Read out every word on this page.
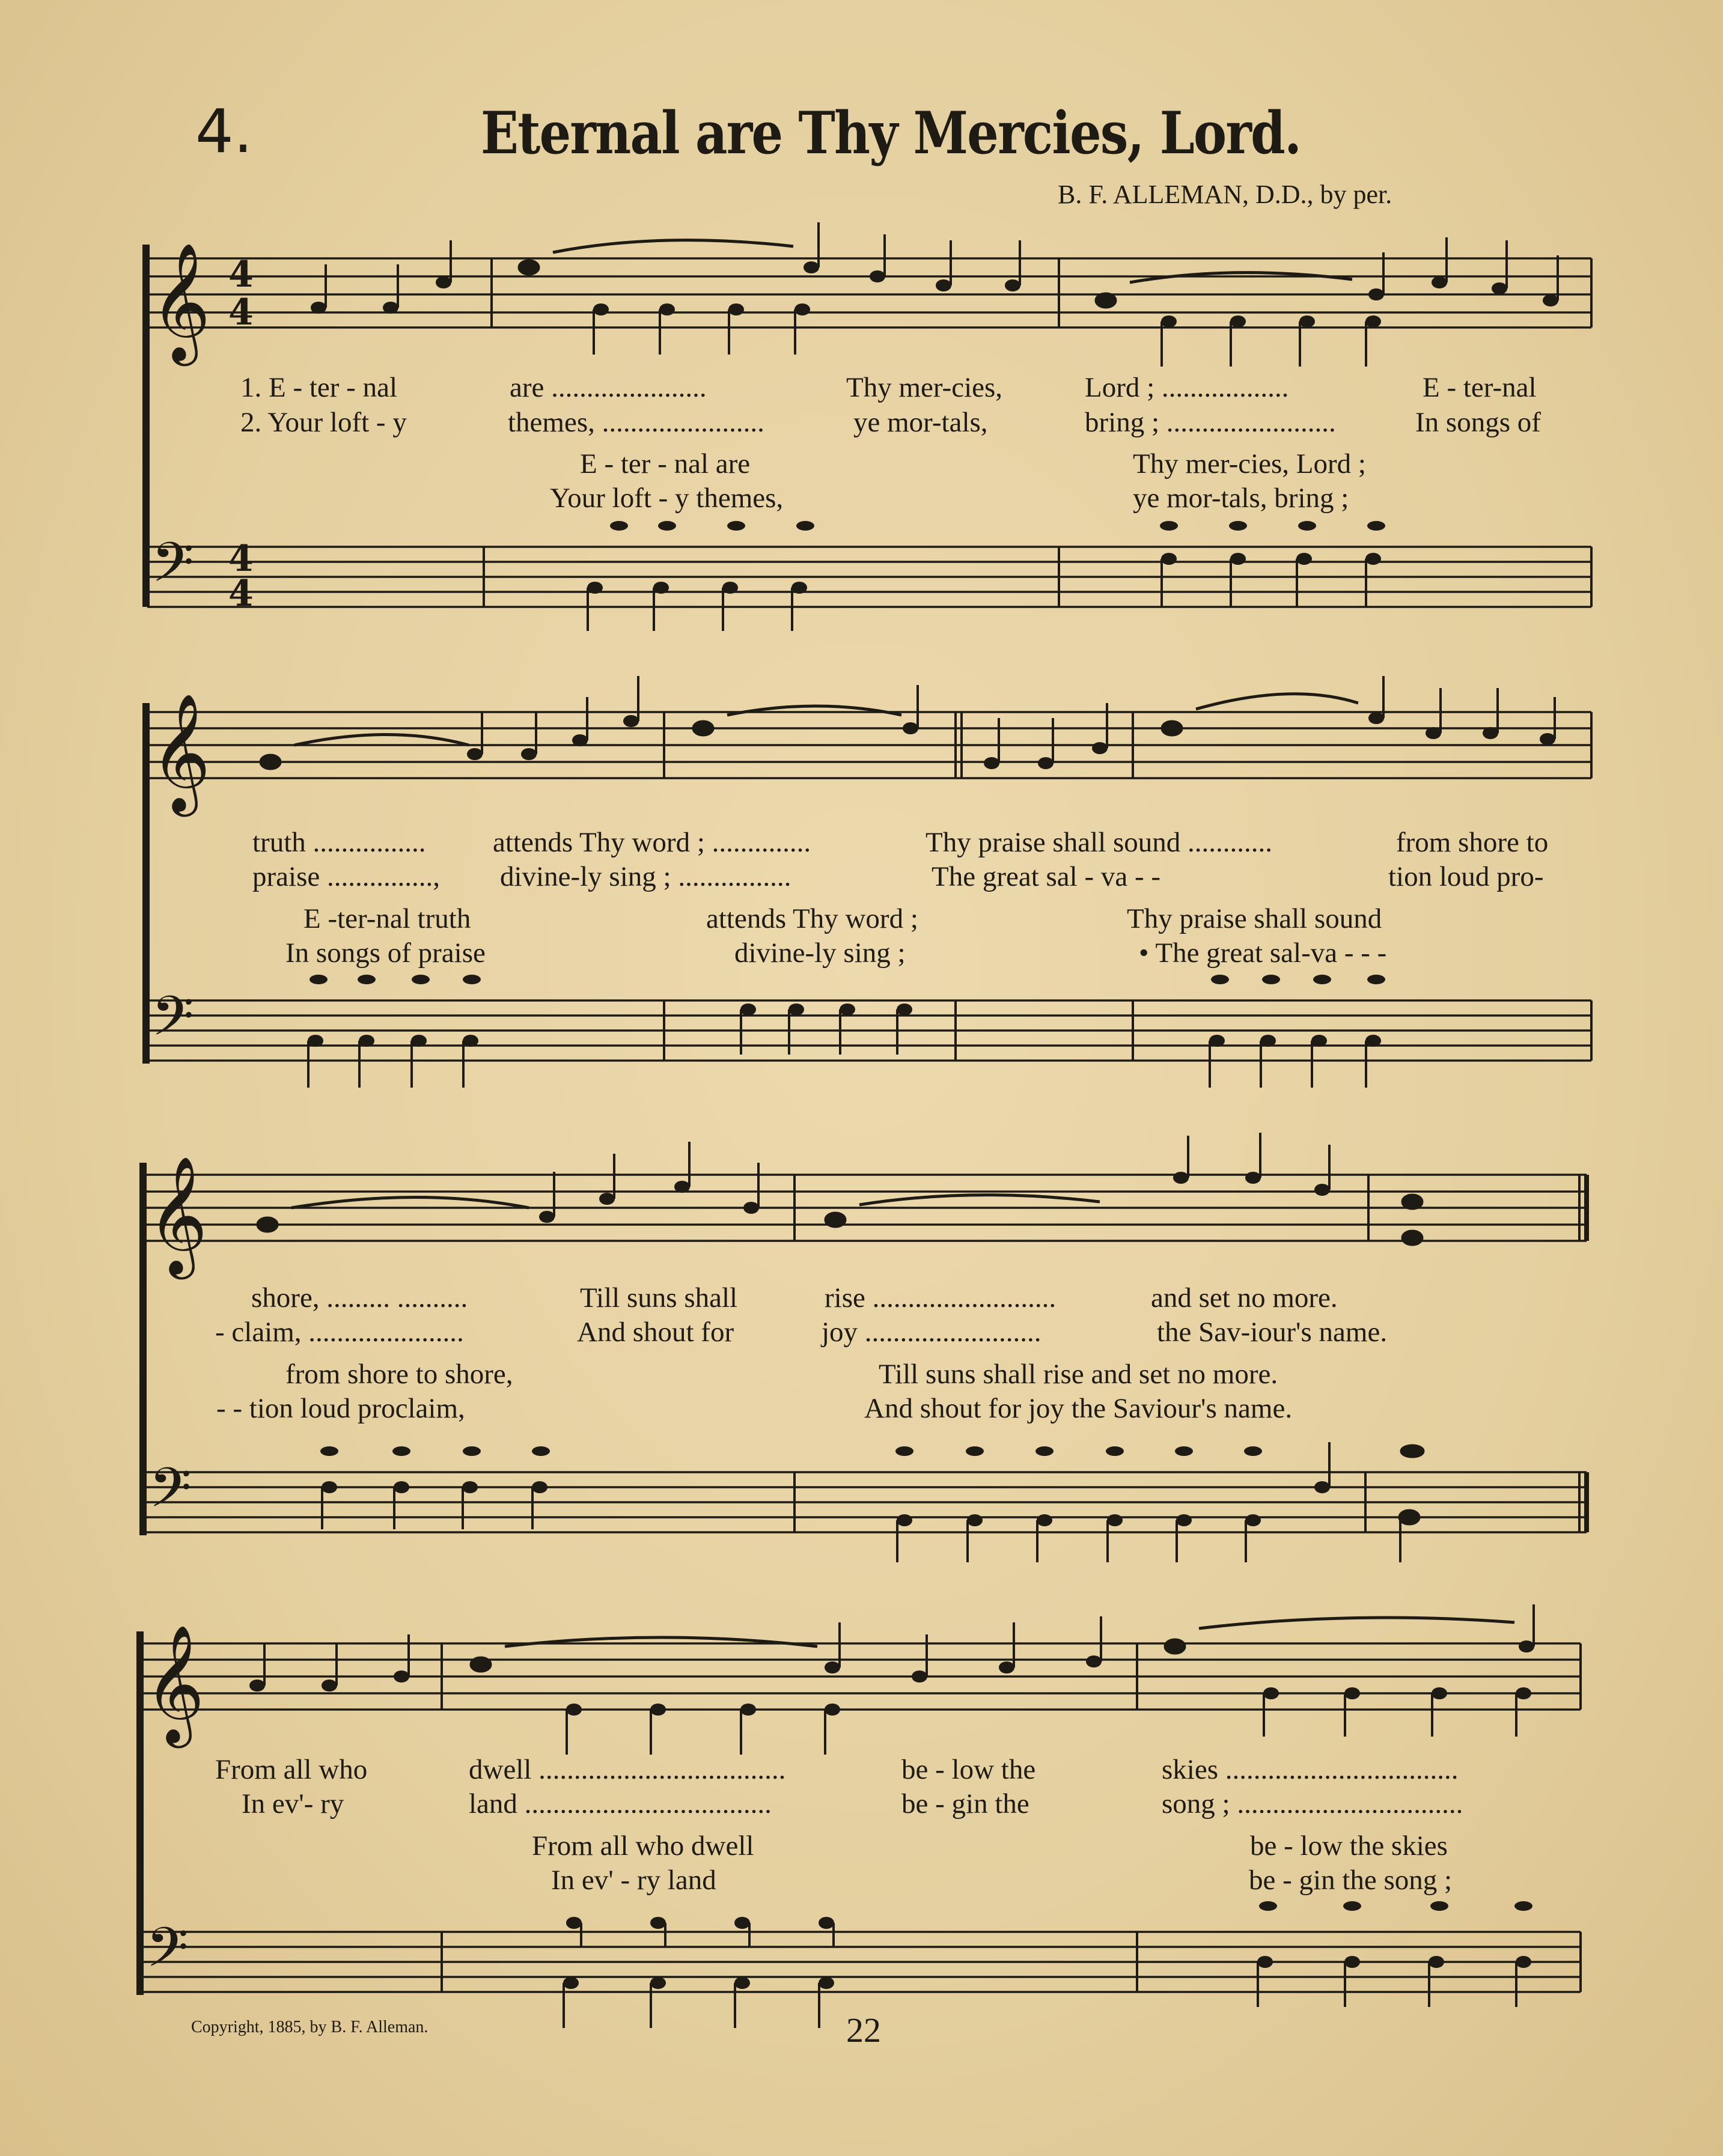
𝄞 4
4
𝄢 4
4
𝄞
𝄢
𝄞
𝄢
𝄞
𝄢
4.	Eternal are Thy Mercies, Lord.
B. F. ALLEMAN, D.D., by per.
1. E - ter - nal
2. Your loft - y
are ......................
themes, .......................
Thy mer-cies,
ye mor-tals,
Lord ; ..................
bring ; ........................
E - ter-nal
In songs of
E - ter - nal are
Your loft - y themes,
Thy mer-cies, Lord ;
ye mor-tals, bring ;
truth ................
praise ...............,
attends Thy word ; ..............
divine-ly sing ; ................
Thy praise shall sound ............
The great sal - va - -
from shore to
tion loud pro-
E -ter-nal truth
In songs of praise
attends Thy word ;
divine-ly sing ;
Thy praise shall sound
• The great sal-va - - -
shore, ......... ..........
- claim, ......................
Till suns shall
And shout for
rise ..........................
joy .........................
and set no more.
the Sav-iour's name.
from shore to shore,
- - tion loud proclaim,
Till suns shall rise and set no more.
And shout for joy the Saviour's name.
From all who
In ev'- ry
dwell ...................................
land ...................................
be - low the
be - gin the
skies .................................
song ; ................................
From all who dwell
In ev' - ry land
be - low the skies
be - gin the song ;
Copyright, 1885, by B. F. Alleman.	22
